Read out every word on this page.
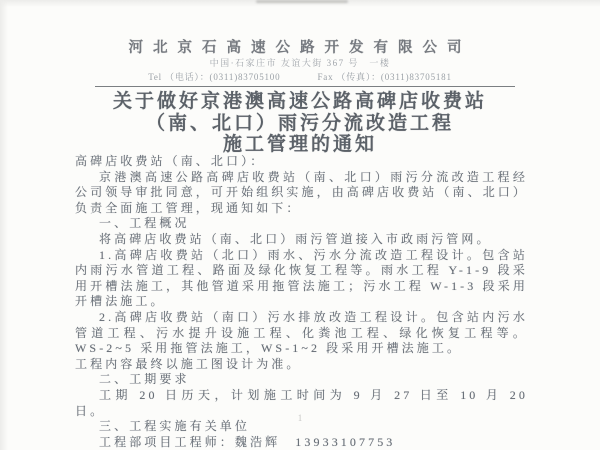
河北京石高速公路开发有限公司
中国·石家庄市 友谊大街 367 号　一楼
Tel （电话）：(0311)83705100	Fax （传真）：(0311)83705181
关于做好京港澳高速公路高碑店收费站
（南、北口）雨污分流改造工程
施工管理的通知

高碑店收费站（南、北口）：

京港澳高速公路高碑店收费站（南、北口）雨污分流改造工程经公司领导审批同意，可开始组织实施，由高碑店收费站（南、北口）负责全面施工管理，现通知如下：

一、工程概况

将高碑店收费站（南、北口）雨污管道接入市政雨污管网。

1.高碑店收费站（北口）雨水、污水分流改造工程设计。包含站内雨污水管道工程、路面及绿化恢复工程等。雨水工程 Y-1-9 段采用开槽法施工，其他管道采用拖管法施工；污水工程 W-1-3 段采用开槽法施工。

2.高碑店收费站（南口）污水排放改造工程设计。包含站内污水管道工程、污水提升设施工程、化粪池工程、绿化恢复工程等。WS-2~5 采用拖管法施工，WS-1~2 段采用开槽法施工。

工程内容最终以施工图设计为准。

二、工期要求

工期 20 日历天，计划施工时间为 9 月 27 日至 10 月 20 日。

三、工程实施有关单位

工程部项目工程师：魏浩辉　13933107753

1
